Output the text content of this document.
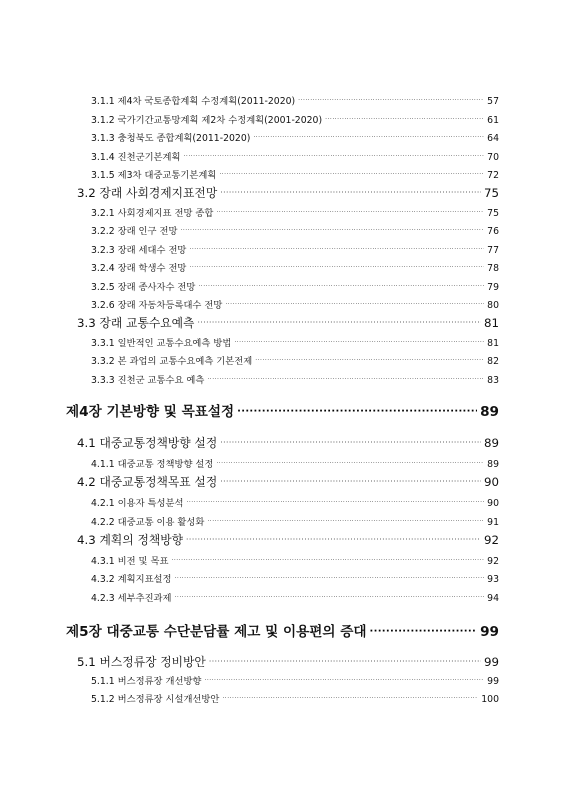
3.1.1 제4차 국토종합계획 수정계획(2011-2020) ·····	57
3.1.2 국가기간교통망계획 제2차 수정계획(2001-2020) ·····	61
3.1.3 충청북도 종합계획(2011-2020) ·····	64
3.1.4 진천군기본계획 ·····	70
3.1.5 제3차 대중교통기본계획 ·····	72
3.2 장래 사회경제지표전망 ·····	75
3.2.1 사회경제지표 전망 종합 ·····	75
3.2.2 장래 인구 전망 ·····	76
3.2.3 장래 세대수 전망 ·····	77
3.2.4 장래 학생수 전망 ·····	78
3.2.5 장래 종사자수 전망 ·····	79
3.2.6 장래 자동차등록대수 전망 ·····	80
3.3 장래 교통수요예측 ·····	81
3.3.1 일반적인 교통수요예측 방법 ·····	81
3.3.2 본 과업의 교통수요예측 기본전제 ·····	82
3.3.3 진천군 교통수요 예측 ·····	83
제4장 기본방향 및 목표설정 ·····	89
4.1 대중교통정책방향 설정 ·····	89
4.1.1 대중교통 정책방향 설정 ·····	89
4.2 대중교통정책목표 설정 ·····	90
4.2.1 이용자 특성분석 ·····	90
4.2.2 대중교통 이용 활성화 ·····	91
4.3 계획의 정책방향 ·····	92
4.3.1 비전 및 목표 ·····	92
4.3.2 계획지표설정 ·····	93
4.2.3 세부추진과제 ·····	94
제5장 대중교통 수단분담률 제고 및 이용편의 증대 ·····	99
5.1 버스정류장 정비방안 ·····	99
5.1.1 버스정류장 개선방향 ·····	99
5.1.2 버스정류장 시설개선방안 ·····	100
